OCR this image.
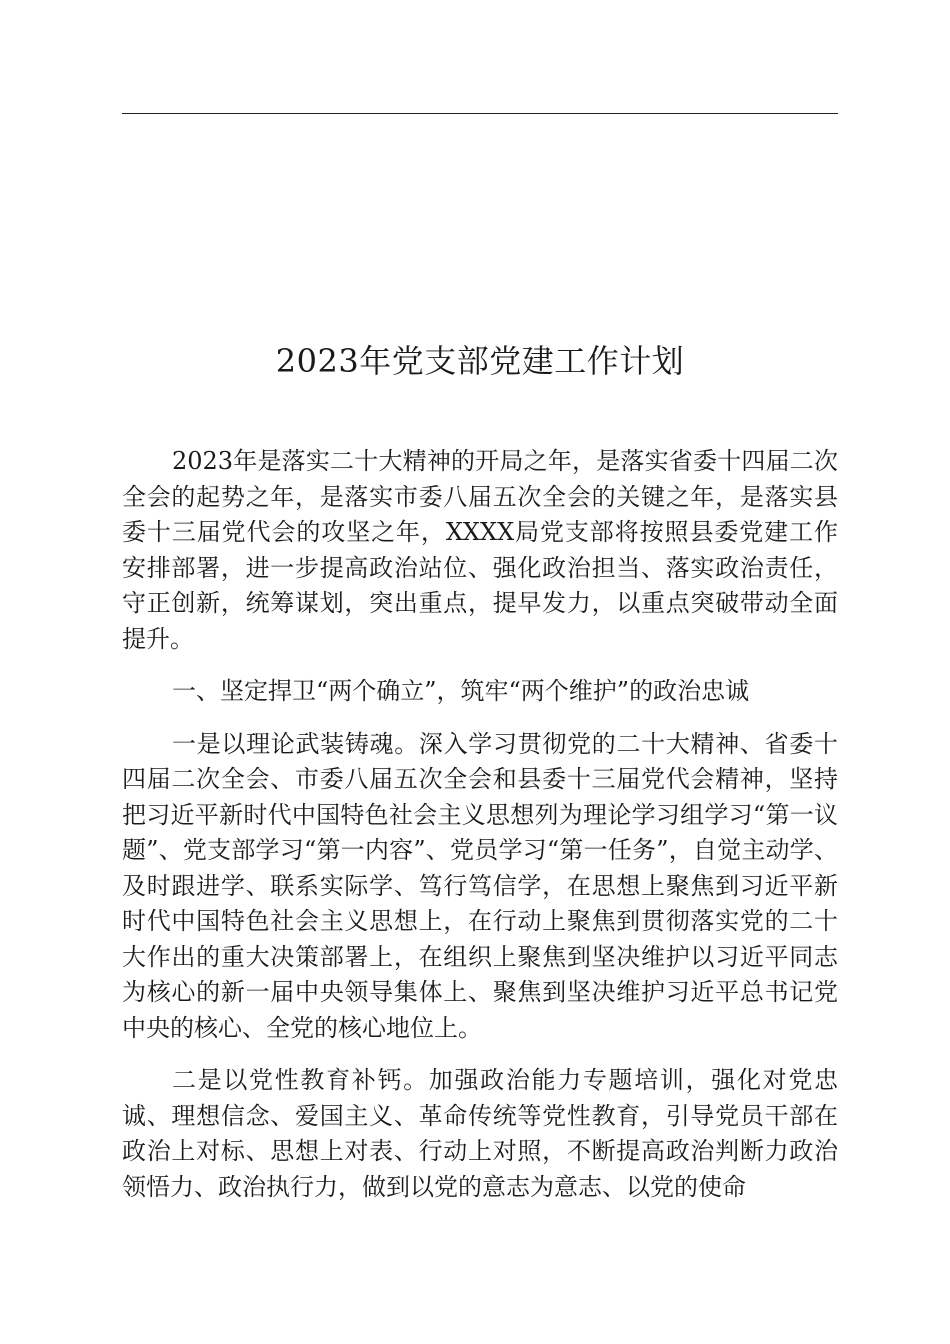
2023年党支部党建工作计划

2023年是落实二十大精神的开局之年，是落实省委十四届二次全会的起势之年，是落实市委八届五次全会的关键之年，是落实县委十三届党代会的攻坚之年，XXXX局党支部将按照县委党建工作安排部署，进一步提高政治站位、强化政治担当、落实政治责任，守正创新，统筹谋划，突出重点，提早发力，以重点突破带动全面提升。

一、坚定捍卫“两个确立”，筑牢“两个维护”的政治忠诚

一是以理论武装铸魂。深入学习贯彻党的二十大精神、省委十四届二次全会、市委八届五次全会和县委十三届党代会精神，坚持把习近平新时代中国特色社会主义思想列为理论学习组学习“第一议题”、党支部学习“第一内容”、党员学习“第一任务”，自觉主动学、及时跟进学、联系实际学、笃行笃信学，在思想上聚焦到习近平新时代中国特色社会主义思想上，在行动上聚焦到贯彻落实党的二十大作出的重大决策部署上，在组织上聚焦到坚决维护以习近平同志为核心的新一届中央领导集体上、聚焦到坚决维护习近平总书记党中央的核心、全党的核心地位上。

二是以党性教育补钙。加强政治能力专题培训，强化对党忠诚、理想信念、爱国主义、革命传统等党性教育，引导党员干部在政治上对标、思想上对表、行动上对照，不断提高政治判断力政治领悟力、政治执行力，做到以党的意志为意志、以党的使命
